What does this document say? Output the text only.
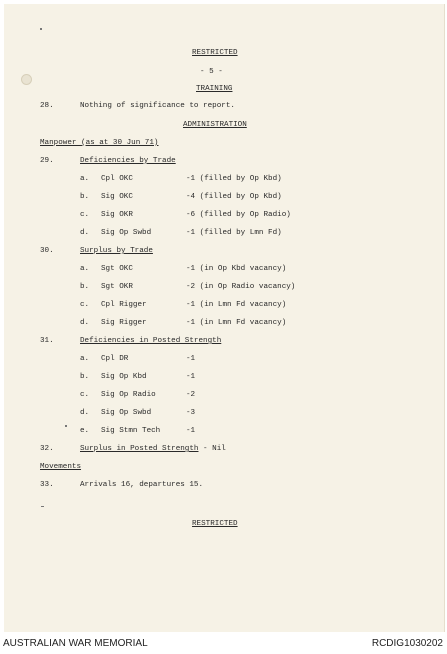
RESTRICTED
- 5 -
TRAINING
28.	Nothing of significance to report.
ADMINISTRATION
Manpower (as at 30 Jun 71)
29.	Deficiencies by Trade
a. Cpl OKC	-1 (filled by Op Kbd)
b. Sig OKC	-4 (filled by Op Kbd)
c. Sig OKR	-6 (filled by Op Radio)
d. Sig Op Swbd	-1 (filled by Lmn Fd)
30.	Surplus by Trade
a. Sgt OKC	-1 (in Op Kbd vacancy)
b. Sgt OKR	-2 (in Op Radio vacancy)
c. Cpl Rigger	-1 (in Lmn Fd vacancy)
d. Sig Rigger	-1 (in Lmn Fd vacancy)
31.	Deficiencies in Posted Strength
a. Cpl DR	-1
b. Sig Op Kbd	-1
c. Sig Op Radio	-2
d. Sig Op Swbd	-3
e. Sig Stmn Tech	-1
32.	Surplus in Posted Strength - Nil
Movements
33.	Arrivals 16, departures 15.
RESTRICTED
AUSTRALIAN WAR MEMORIAL	RCDIG1030202
